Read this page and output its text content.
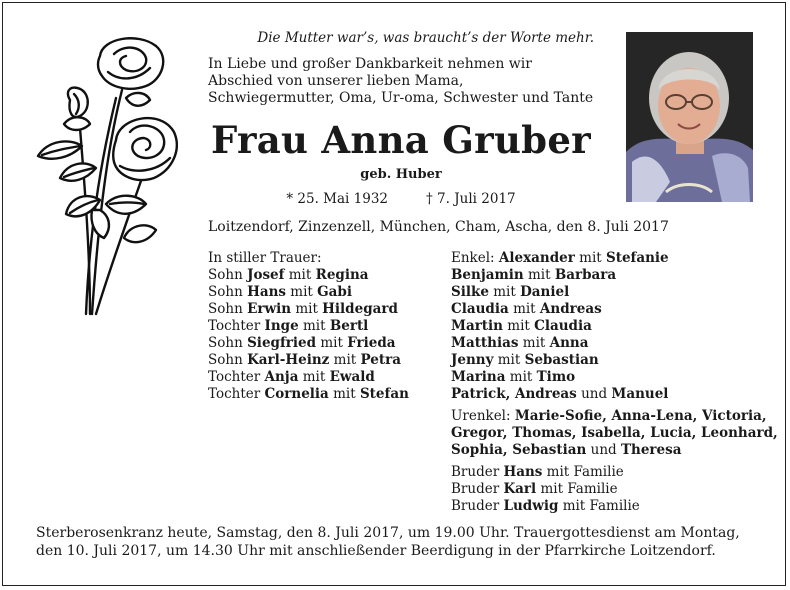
Die Mutter war’s, was braucht’s der Worte mehr.
In Liebe und großer Dankbarkeit nehmen wir Abschied von unserer lieben Mama, Schwiegermutter, Oma, Ur-oma, Schwester und Tante
Frau Anna Gruber
geb. Huber
* 25. Mai 1932	† 7. Juli 2017
Loitzendorf, Zinzenzell, München, Cham, Ascha, den 8. Juli 2017
In stiller Trauer:
Sohn Josef mit Regina
Sohn Hans mit Gabi
Sohn Erwin mit Hildegard
Tochter Inge mit Bertl
Sohn Siegfried mit Frieda
Sohn Karl-Heinz mit Petra
Tochter Anja mit Ewald
Tochter Cornelia mit Stefan
Enkel: Alexander mit Stefanie
Benjamin mit Barbara
Silke mit Daniel
Claudia mit Andreas
Martin mit Claudia
Matthias mit Anna
Jenny mit Sebastian
Marina mit Timo
Patrick, Andreas und Manuel
Urenkel: Marie-Sofie, Anna-Lena, Victoria,
Gregor, Thomas, Isabella, Lucia, Leonhard,
Sophia, Sebastian und Theresa
Bruder Hans mit Familie
Bruder Karl mit Familie
Bruder Ludwig mit Familie
Sterberosenkranz heute, Samstag, den 8. Juli 2017, um 19.00 Uhr. Trauergottesdienst am Montag, den 10. Juli 2017, um 14.30 Uhr mit anschließender Beerdigung in der Pfarrkirche Loitzendorf.
